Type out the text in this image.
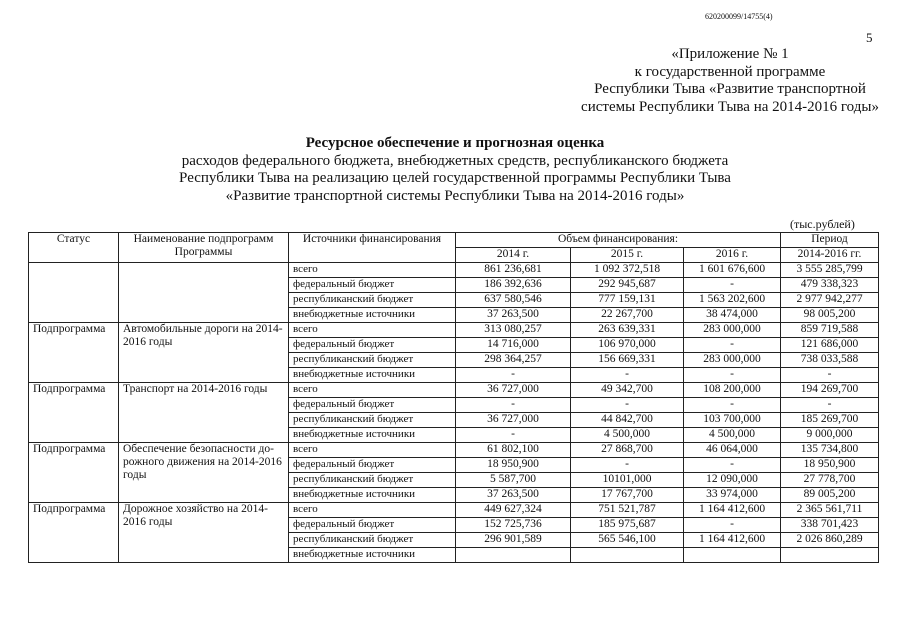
620200099/14755(4)
5
«Приложение № 1
к государственной программе
Республики Тыва «Развитие транспортной
системы Республики Тыва на 2014-2016 годы»
Ресурсное обеспечение и прогнозная оценка
расходов федерального бюджета, внебюджетных средств, республиканского бюджета
Республики Тыва на реализацию целей государственной программы Республики Тыва
«Развитие транспортной системы Республики Тыва на 2014-2016 годы»
(тыс.рублей)
Статус	Наименование подпрограмм Программы	Источники финансирования	Объем финансирования:			Период
			2014 г.	2015 г.	2016 г.	2014-2016 гг.
		всего	861 236,681	1 092 372,518	1 601 676,600	3 555 285,799
		федеральный бюджет	186 392,636	292 945,687	-	479 338,323
		республиканский бюджет	637 580,546	777 159,131	1 563 202,600	2 977 942,277
		внебюджетные источники	37 263,500	22 267,700	38 474,000	98 005,200
Подпрограмма	Автомобильные дороги на 2014-2016 годы	всего	313 080,257	263 639,331	283 000,000	859 719,588
		федеральный бюджет	14 716,000	106 970,000	-	121 686,000
		республиканский бюджет	298 364,257	156 669,331	283 000,000	738 033,588
		внебюджетные источники	-	-	-	-
Подпрограмма	Транспорт на 2014-2016 годы	всего	36 727,000	49 342,700	108 200,000	194 269,700
		федеральный бюджет	-	-	-	-
		республиканский бюджет	36 727,000	44 842,700	103 700,000	185 269,700
		внебюджетные источники	-	4 500,000	4 500,000	9 000,000
Подпрограмма	Обеспечение безопасности до-рожного движения на 2014-2016 годы	всего	61 802,100	27 868,700	46 064,000	135 734,800
		федеральный бюджет	18 950,900	-	-	18 950,900
		республиканский бюджет	5 587,700	10101,000	12 090,000	27 778,700
		внебюджетные источники	37 263,500	17 767,700	33 974,000	89 005,200
Подпрограмма	Дорожное хозяйство на 2014-2016 годы	всего	449 627,324	751 521,787	1 164 412,600	2 365 561,711
		федеральный бюджет	152 725,736	185 975,687	-	338 701,423
		республиканский бюджет	296 901,589	565 546,100	1 164 412,600	2 026 860,289
		внебюджетные источники				
